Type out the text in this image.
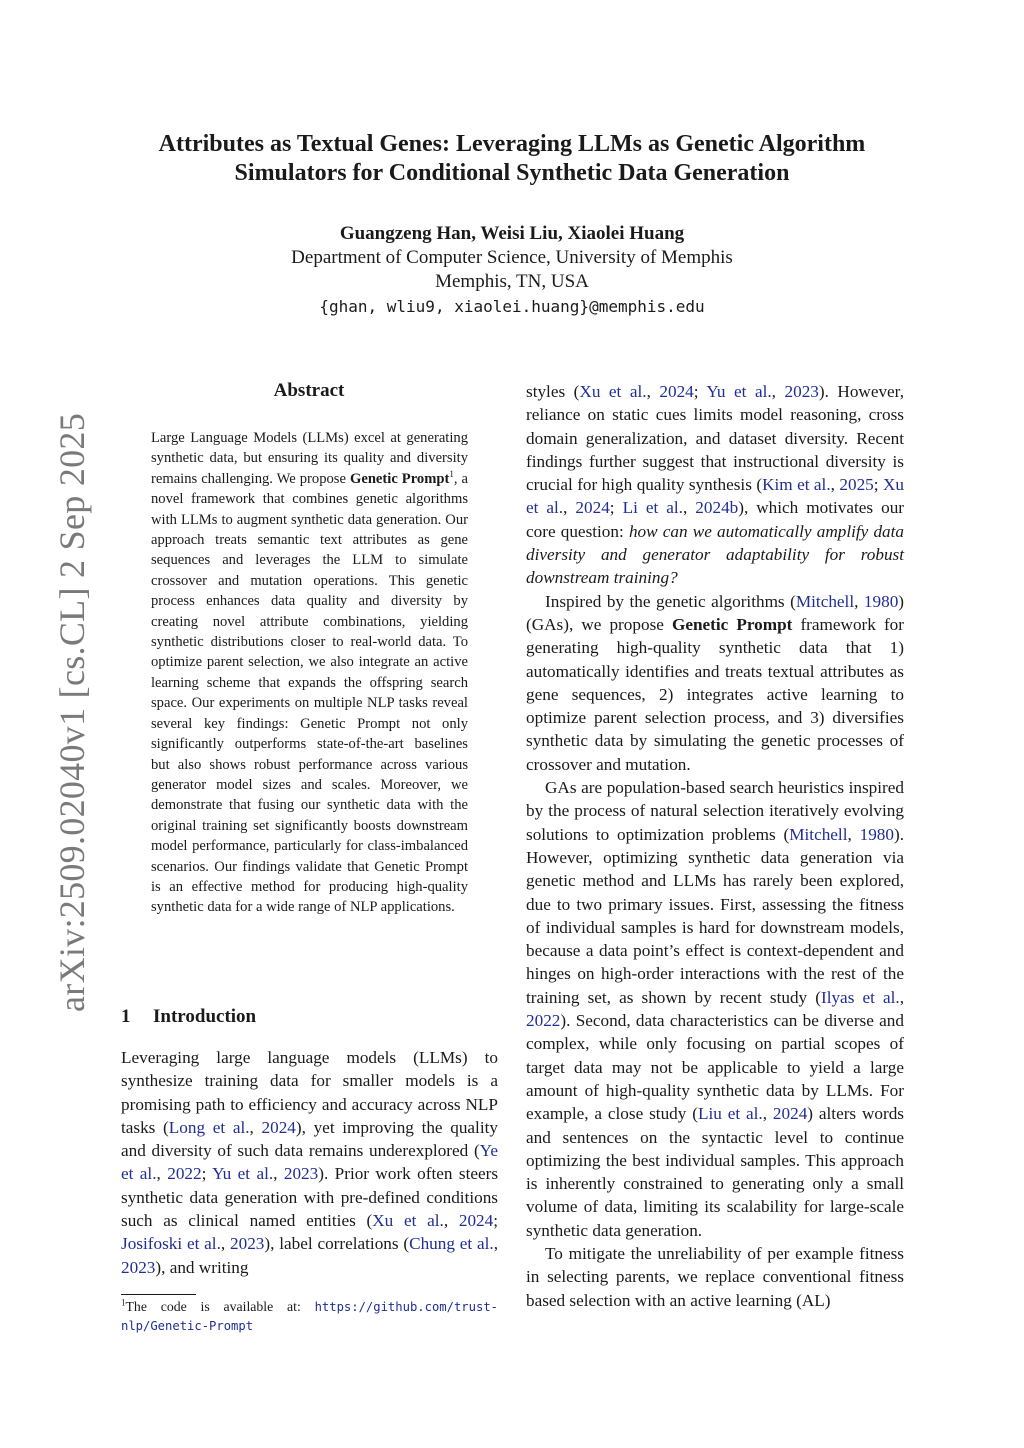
Attributes as Textual Genes: Leveraging LLMs as Genetic Algorithm
Simulators for Conditional Synthetic Data Generation
Guangzeng Han, Weisi Liu, Xiaolei Huang
Department of Computer Science, University of Memphis
Memphis, TN, USA
{ghan, wliu9, xiaolei.huang}@memphis.edu
arXiv:2509.02040v1 [cs.CL] 2 Sep 2025
Abstract
Large Language Models (LLMs) excel at generating synthetic data, but ensuring its quality and diversity remains challenging. We propose Genetic Prompt$^1$, a novel framework that combines genetic algorithms with LLMs to augment synthetic data generation. Our approach treats semantic text attributes as gene sequences and leverages the LLM to simulate crossover and mutation operations. This genetic process enhances data quality and diversity by creating novel attribute combinations, yielding synthetic distributions closer to real-world data. To optimize parent selection, we also integrate an active learning scheme that expands the offspring search space. Our experiments on multiple NLP tasks reveal several key findings: Genetic Prompt not only significantly outperforms state-of-the-art baselines but also shows robust performance across various generator model sizes and scales. Moreover, we demonstrate that fusing our synthetic data with the original training set significantly boosts downstream model performance, particularly for class-imbalanced scenarios. Our findings validate that Genetic Prompt is an effective method for producing high-quality synthetic data for a wide range of NLP applications.
1 Introduction

Leveraging large language models (LLMs) to synthesize training data for smaller models is a promising path to efficiency and accuracy across NLP tasks (Long et al., 2024), yet improving the quality and diversity of such data remains underexplored (Ye et al., 2022; Yu et al., 2023). Prior work often steers synthetic data generation with pre-defined conditions such as clinical named entities (Xu et al., 2024; Josifoski et al., 2023), label correlations (Chung et al., 2023), and writing

$^1$The code is available at: https://github.com/trust-nlp/Genetic-Prompt

styles (Xu et al., 2024; Yu et al., 2023). However, reliance on static cues limits model reasoning, cross domain generalization, and dataset diversity. Recent findings further suggest that instructional diversity is crucial for high quality synthesis (Kim et al., 2025; Xu et al., 2024; Li et al., 2024b), which motivates our core question: how can we automatically amplify data diversity and generator adaptability for robust downstream training?

Inspired by the genetic algorithms (Mitchell, 1980) (GAs), we propose Genetic Prompt framework for generating high-quality synthetic data that 1) automatically identifies and treats textual attributes as gene sequences, 2) integrates active learning to optimize parent selection process, and 3) diversifies synthetic data by simulating the genetic processes of crossover and mutation.

GAs are population-based search heuristics inspired by the process of natural selection iteratively evolving solutions to optimization problems (Mitchell, 1980). However, optimizing synthetic data generation via genetic method and LLMs has rarely been explored, due to two primary issues. First, assessing the fitness of individual samples is hard for downstream models, because a data point’s effect is context-dependent and hinges on high-order interactions with the rest of the training set, as shown by recent study (Ilyas et al., 2022). Second, data characteristics can be diverse and complex, while only focusing on partial scopes of target data may not be applicable to yield a large amount of high-quality synthetic data by LLMs. For example, a close study (Liu et al., 2024) alters words and sentences on the syntactic level to continue optimizing the best individual samples. This approach is inherently constrained to generating only a small volume of data, limiting its scalability for large-scale synthetic data generation.

To mitigate the unreliability of per example fitness in selecting parents, we replace conventional fitness based selection with an active learning (AL)
